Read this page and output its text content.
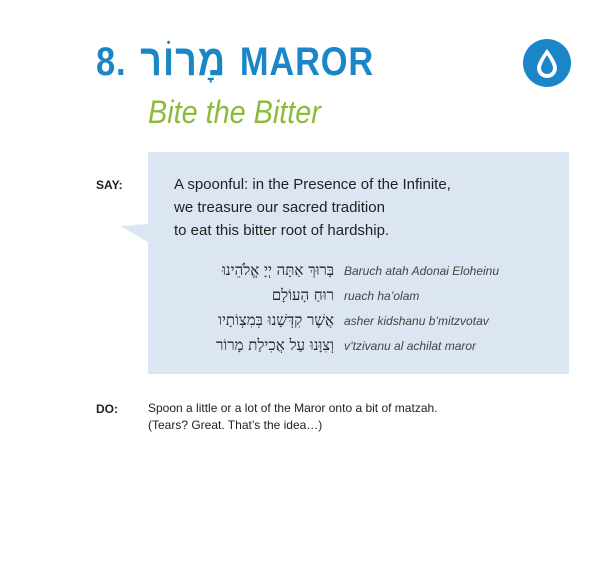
8. מָרוֹר MAROR
Bite the Bitter
SAY:	A spoonful: in the Presence of the Infinite,
we treasure our sacred tradition
to eat this bitter root of hardship.
בָּרוּךְ אַתָּה יְיָ אֱלֹהֵינוּ Baruch atah Adonai Eloheinu
רוּחַ הָעוֹלָם ruach ha’olam
אֲשֶׁר קִדְּשָׁנוּ בְּמִצְוֹתָיו asher kidshanu b’mitzvotav
וְצִוָּנוּ עַל אֲכִילַת מָרוֹר v’tzivanu al achilat maror
DO:	Spoon a little or a lot of the Maror onto a bit of matzah.
(Tears? Great. That’s the idea…)
